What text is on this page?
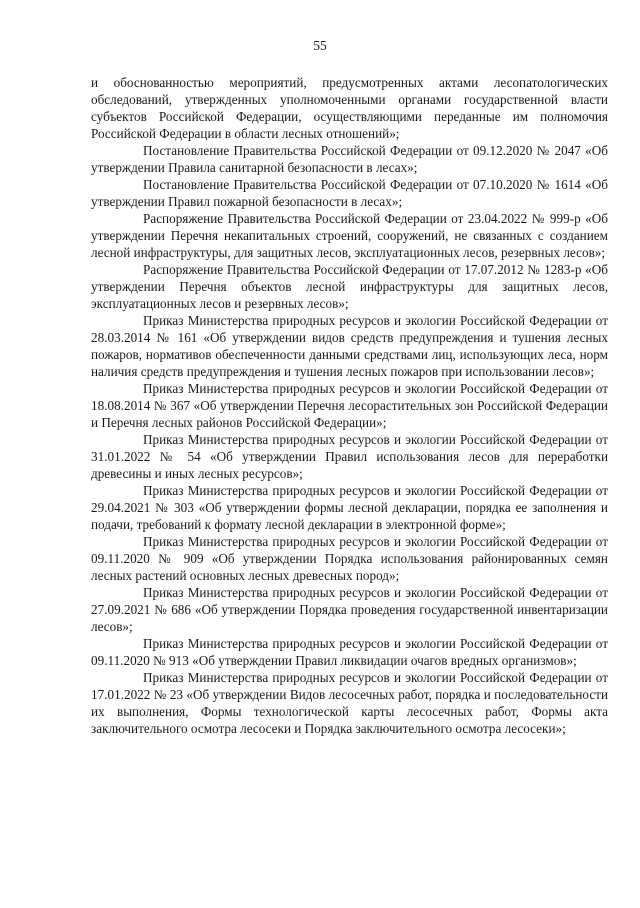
55

и обоснованностью мероприятий, предусмотренных актами лесопатологических обследований, утвержденных уполномоченными органами государственной власти субъектов Российской Федерации, осуществляющими переданные им полномочия Российской Федерации в области лесных отношений»;

Постановление Правительства Российской Федерации от 09.12.2020 № 2047 «Об утверждении Правила санитарной безопасности в лесах»;

Постановление Правительства Российской Федерации от 07.10.2020 № 1614 «Об утверждении Правил пожарной безопасности в лесах»;

Распоряжение Правительства Российской Федерации от 23.04.2022 № 999-р «Об утверждении Перечня некапитальных строений, сооружений, не связанных с созданием лесной инфраструктуры, для защитных лесов, эксплуатационных лесов, резервных лесов»;

Распоряжение Правительства Российской Федерации от 17.07.2012 № 1283-р «Об утверждении Перечня объектов лесной инфраструктуры для защитных лесов, эксплуатационных лесов и резервных лесов»;

Приказ Министерства природных ресурсов и экологии Российской Федерации от 28.03.2014 № 161 «Об утверждении видов средств предупреждения и тушения лесных пожаров, нормативов обеспеченности данными средствами лиц, использующих леса, норм наличия средств предупреждения и тушения лесных пожаров при использовании лесов»;

Приказ Министерства природных ресурсов и экологии Российской Федерации от 18.08.2014 № 367 «Об утверждении Перечня лесорастительных зон Российской Федерации и Перечня лесных районов Российской Федерации»;

Приказ Министерства природных ресурсов и экологии Российской Федерации от 31.01.2022 № 54 «Об утверждении Правил использования лесов для переработки древесины и иных лесных ресурсов»;

Приказ Министерства природных ресурсов и экологии Российской Федерации от 29.04.2021 № 303 «Об утверждении формы лесной декларации, порядка ее заполнения и подачи, требований к формату лесной декларации в электронной форме»;

Приказ Министерства природных ресурсов и экологии Российской Федерации от 09.11.2020 № 909 «Об утверждении Порядка использования районированных семян лесных растений основных лесных древесных пород»;

Приказ Министерства природных ресурсов и экологии Российской Федерации от 27.09.2021 № 686 «Об утверждении Порядка проведения государственной инвентаризации лесов»;

Приказ Министерства природных ресурсов и экологии Российской Федерации от 09.11.2020 № 913 «Об утверждении Правил ликвидации очагов вредных организмов»;

Приказ Министерства природных ресурсов и экологии Российской Федерации от 17.01.2022 № 23 «Об утверждении Видов лесосечных работ, порядка и последовательности их выполнения, Формы технологической карты лесосечных работ, Формы акта заключительного осмотра лесосеки и Порядка заключительного осмотра лесосеки»;
